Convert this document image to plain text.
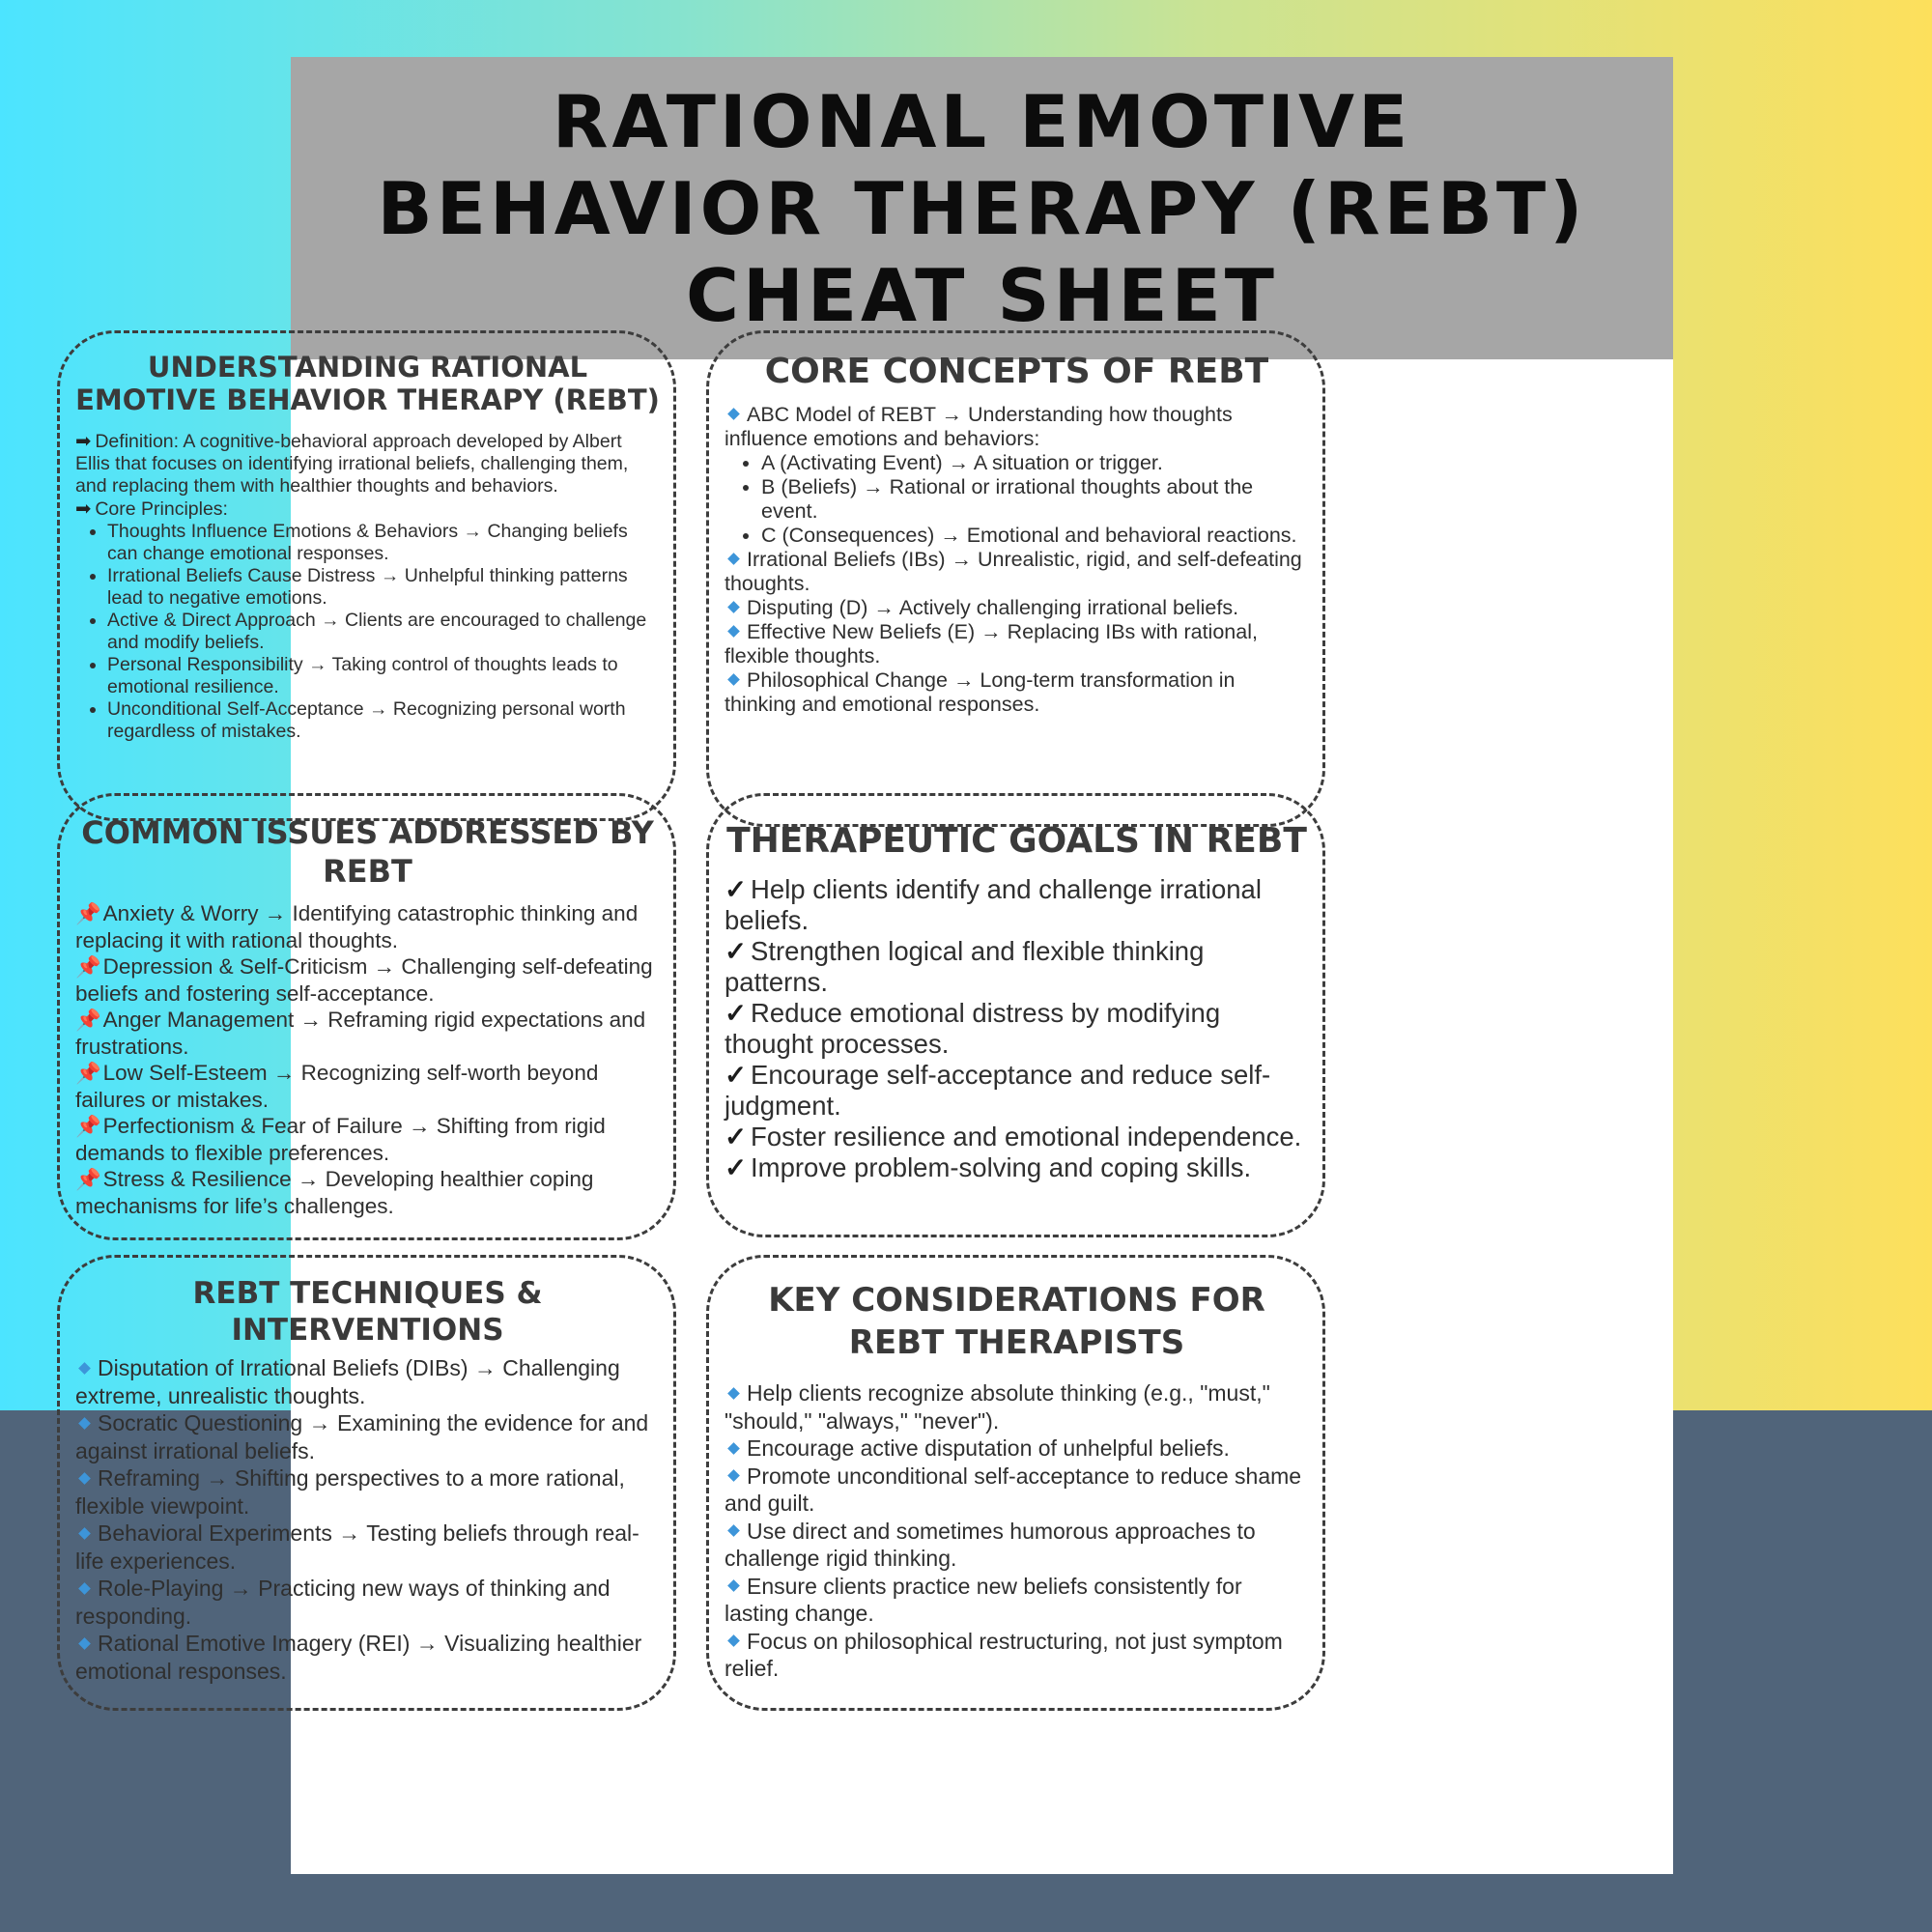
RATIONAL EMOTIVE
BEHAVIOR THERAPY (REBT)
CHEAT SHEET
UNDERSTANDING RATIONAL EMOTIVE BEHAVIOR THERAPY (REBT)

➡ Definition: A cognitive-behavioral approach developed by Albert Ellis that focuses on identifying irrational beliefs, challenging them, and replacing them with healthier thoughts and behaviors.

➡ Core Principles:

• Thoughts Influence Emotions & Behaviors → Changing beliefs can change emotional responses.
• Irrational Beliefs Cause Distress → Unhelpful thinking patterns lead to negative emotions.
• Active & Direct Approach → Clients are encouraged to challenge and modify beliefs.
• Personal Responsibility → Taking control of thoughts leads to emotional resilience.
• Unconditional Self-Acceptance → Recognizing personal worth regardless of mistakes.
CORE CONCEPTS OF REBT

ABC Model of REBT → Understanding how thoughts influence emotions and behaviors:

• A (Activating Event) → A situation or trigger.
• B (Beliefs) → Rational or irrational thoughts about the event.
• C (Consequences) → Emotional and behavioral reactions.

Irrational Beliefs (IBs) → Unrealistic, rigid, and self-defeating thoughts.

Disputing (D) → Actively challenging irrational beliefs.

Effective New Beliefs (E) → Replacing IBs with rational, flexible thoughts.

Philosophical Change → Long-term transformation in thinking and emotional responses.

COMMON ISSUES ADDRESSED BY REBT

📌Anxiety & Worry → Identifying catastrophic thinking and replacing it with rational thoughts.

📌Depression & Self-Criticism → Challenging self-defeating beliefs and fostering self-acceptance.

📌Anger Management → Reframing rigid expectations and frustrations.

📌Low Self-Esteem → Recognizing self-worth beyond failures or mistakes.

📌Perfectionism & Fear of Failure → Shifting from rigid demands to flexible preferences.

📌Stress & Resilience → Developing healthier coping mechanisms for life’s challenges.

THERAPEUTIC GOALS IN REBT

✓ Help clients identify and challenge irrational beliefs.

✓ Strengthen logical and flexible thinking patterns.

✓ Reduce emotional distress by modifying thought processes.

✓ Encourage self-acceptance and reduce self-judgment.

✓ Foster resilience and emotional independence.

✓ Improve problem-solving and coping skills.

REBT TECHNIQUES & INTERVENTIONS

Disputation of Irrational Beliefs (DIBs) → Challenging extreme, unrealistic thoughts.

Socratic Questioning → Examining the evidence for and against irrational beliefs.

Reframing → Shifting perspectives to a more rational, flexible viewpoint.

Behavioral Experiments → Testing beliefs through real-life experiences.

Role-Playing → Practicing new ways of thinking and responding.

Rational Emotive Imagery (REI) → Visualizing healthier emotional responses.

KEY CONSIDERATIONS FOR REBT THERAPISTS

Help clients recognize absolute thinking (e.g., "must," "should," "always," "never").

Encourage active disputation of unhelpful beliefs.

Promote unconditional self-acceptance to reduce shame and guilt.

Use direct and sometimes humorous approaches to challenge rigid thinking.

Ensure clients practice new beliefs consistently for lasting change.

Focus on philosophical restructuring, not just symptom relief.
